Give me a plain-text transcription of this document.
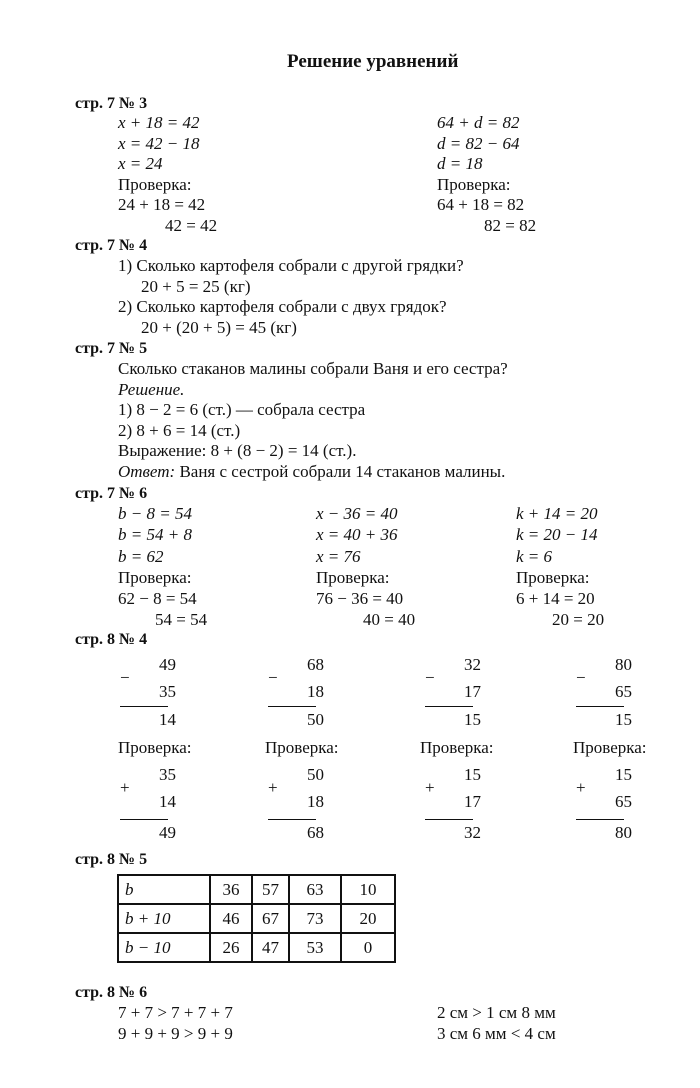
Решение уравнений
стр. 7 № 3
x + 18 = 42
x = 42 − 18
x = 24
Проверка:
24 + 18 = 42
42 = 42
64 + d = 82
d = 82 − 64
d = 18
Проверка:
64 + 18 = 82
82 = 82
стр. 7 № 4
1) Сколько картофеля собрали с другой грядки?
20 + 5 = 25 (кг)
2) Сколько картофеля собрали с двух грядок?
20 + (20 + 5) = 45 (кг)
стр. 7 № 5
Сколько стаканов малины собрали Ваня и его сестра?
Решение.
1) 8 − 2 = 6 (ст.) — собрала сестра
2) 8 + 6 = 14 (ст.)
Выражение: 8 + (8 − 2) = 14 (ст.).
Ответ: Ваня с сестрой собрали 14 стаканов малины.
стр. 7 № 6
b − 8 = 54
b = 54 + 8
b = 62
Проверка:
62 − 8 = 54
54 = 54
x − 36 = 40
x = 40 + 36
x = 76
Проверка:
76 − 36 = 40
40 = 40
k + 14 = 20
k = 20 − 14
k = 6
Проверка:
6 + 14 = 20
20 = 20
стр. 8 № 4
49
−
35
14
68
−
18
50
32
−
17
15
80
−
65
15
Проверка:	Проверка:	Проверка:	Проверка:
35
+
14
49
50
+
18
68
15
+
17
32
15
+
65
80
стр. 8 № 5
b	36	57	63	10
b + 10	46	67	73	20
b − 10	26	47	53	0
стр. 8 № 6
7 + 7 > 7 + 7 + 7
9 + 9 + 9 > 9 + 9
2 см > 1 см 8 мм
3 см 6 мм < 4 см
